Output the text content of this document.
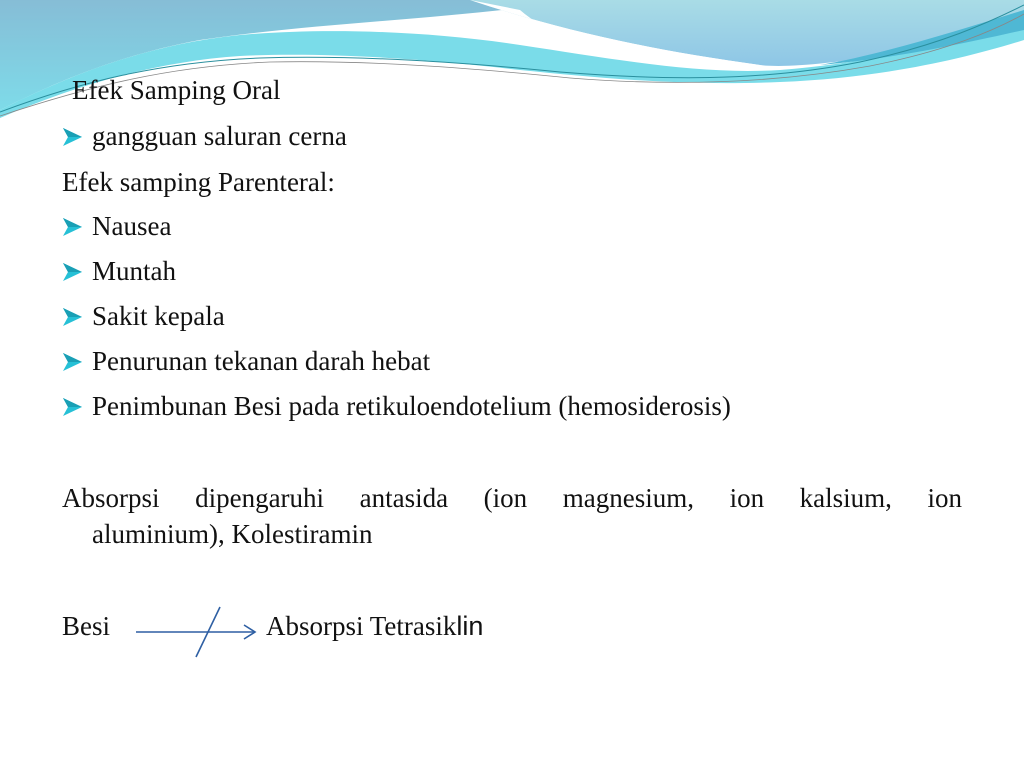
Efek Samping Oral
gangguan saluran cerna
Efek samping Parenteral:
Nausea
Muntah
Sakit kepala
Penurunan tekanan darah hebat
Penimbunan Besi pada retikuloendotelium (hemosiderosis)
Absorpsi dipengaruhi antasida (ion magnesium, ion kalsium, ion
aluminium), Kolestiramin
Besi	Absorpsi Tetrasiklin
